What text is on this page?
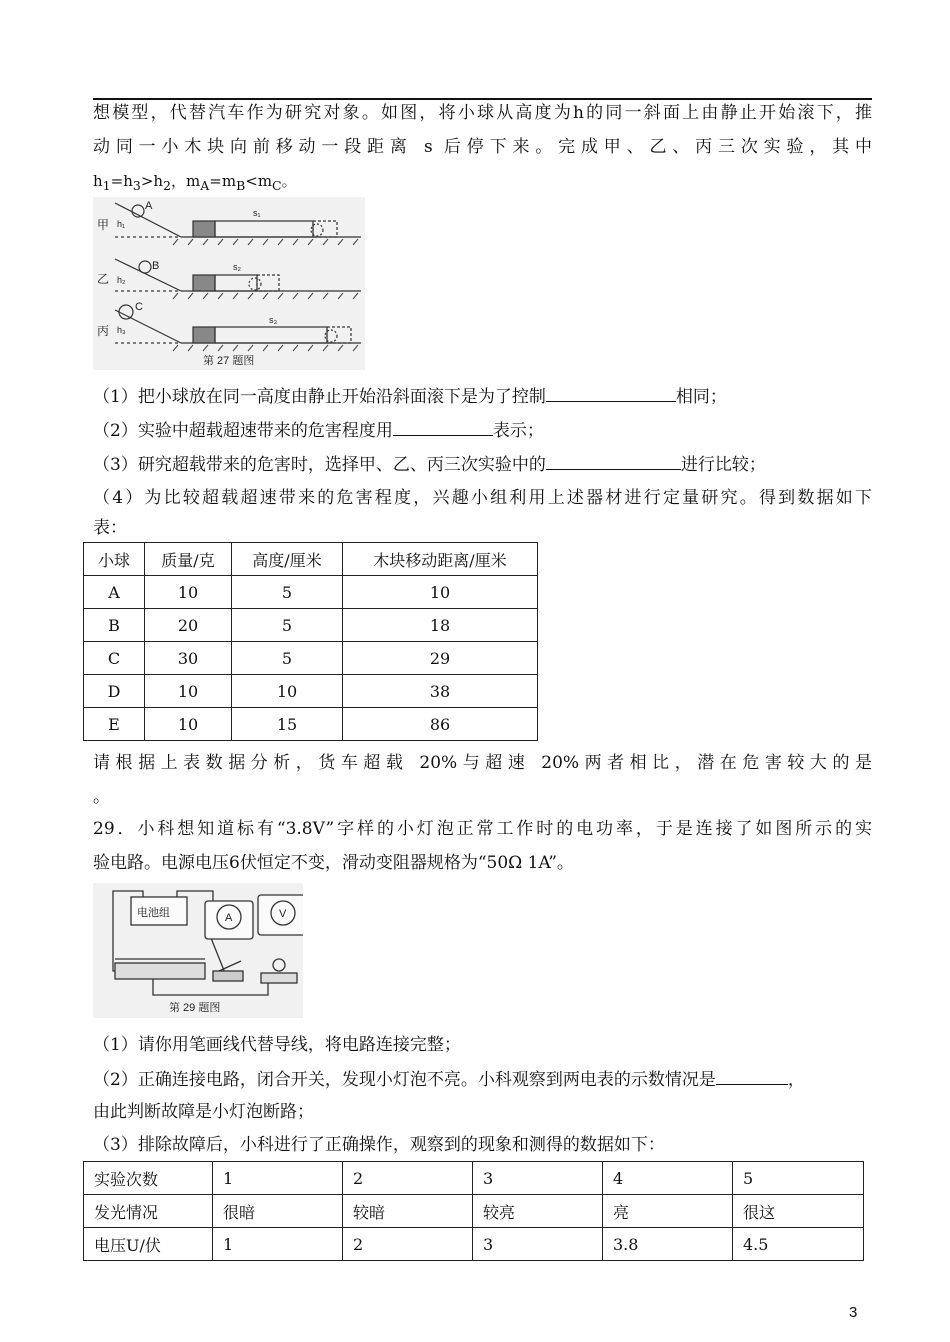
想模型，代替汽车作为研究对象。如图，将小球从高度为h的同一斜面上由静止开始滚下，推
动同一小木块向前移动一段距离 s 后停下来。完成甲、乙、丙三次实验，其中
$h_1=h_3>h_2$，$m_A=m_B<m_C$。
甲
乙
丙
A
B
C
h₁
h₂
h₃
s₁
s₂
s₃
第 27 题图
（1）把小球放在同一高度由静止开始沿斜面滚下是为了控制	相同；
（2）实验中超载超速带来的危害程度用	表示；
（3）研究超载带来的危害时，选择甲、乙、丙三次实验中的	进行比较；
（4）为比较超载超速带来的危害程度，兴趣小组利用上述器材进行定量研究。得到数据如下
表：
小球	质量/克	高度/厘米	木块移动距离/厘米
A	10	5	10
B	20	5	18
C	30	5	29
D	10	10	38
E	10	15	86
请根据上表数据分析，货车超载 20%与超速 20%两者相比，潜在危害较大的是
。
29．小科想知道标有“3.8V”字样的小灯泡正常工作时的电功率，于是连接了如图所示的实
验电路。电源电压6伏恒定不变，滑动变阻器规格为“50Ω 1A”。
电池组	A	V
第 29 题图
（1）请你用笔画线代替导线，将电路连接完整；
（2）正确连接电路，闭合开关，发现小灯泡不亮。小科观察到两电表的示数情况是	，
由此判断故障是小灯泡断路；
（3）排除故障后，小科进行了正确操作，观察到的现象和测得的数据如下：
实验次数	1	2	3	4	5
发光情况	很暗	较暗	较亮	亮	很这
电压U/伏	1	2	3	3.8	4.5
3
